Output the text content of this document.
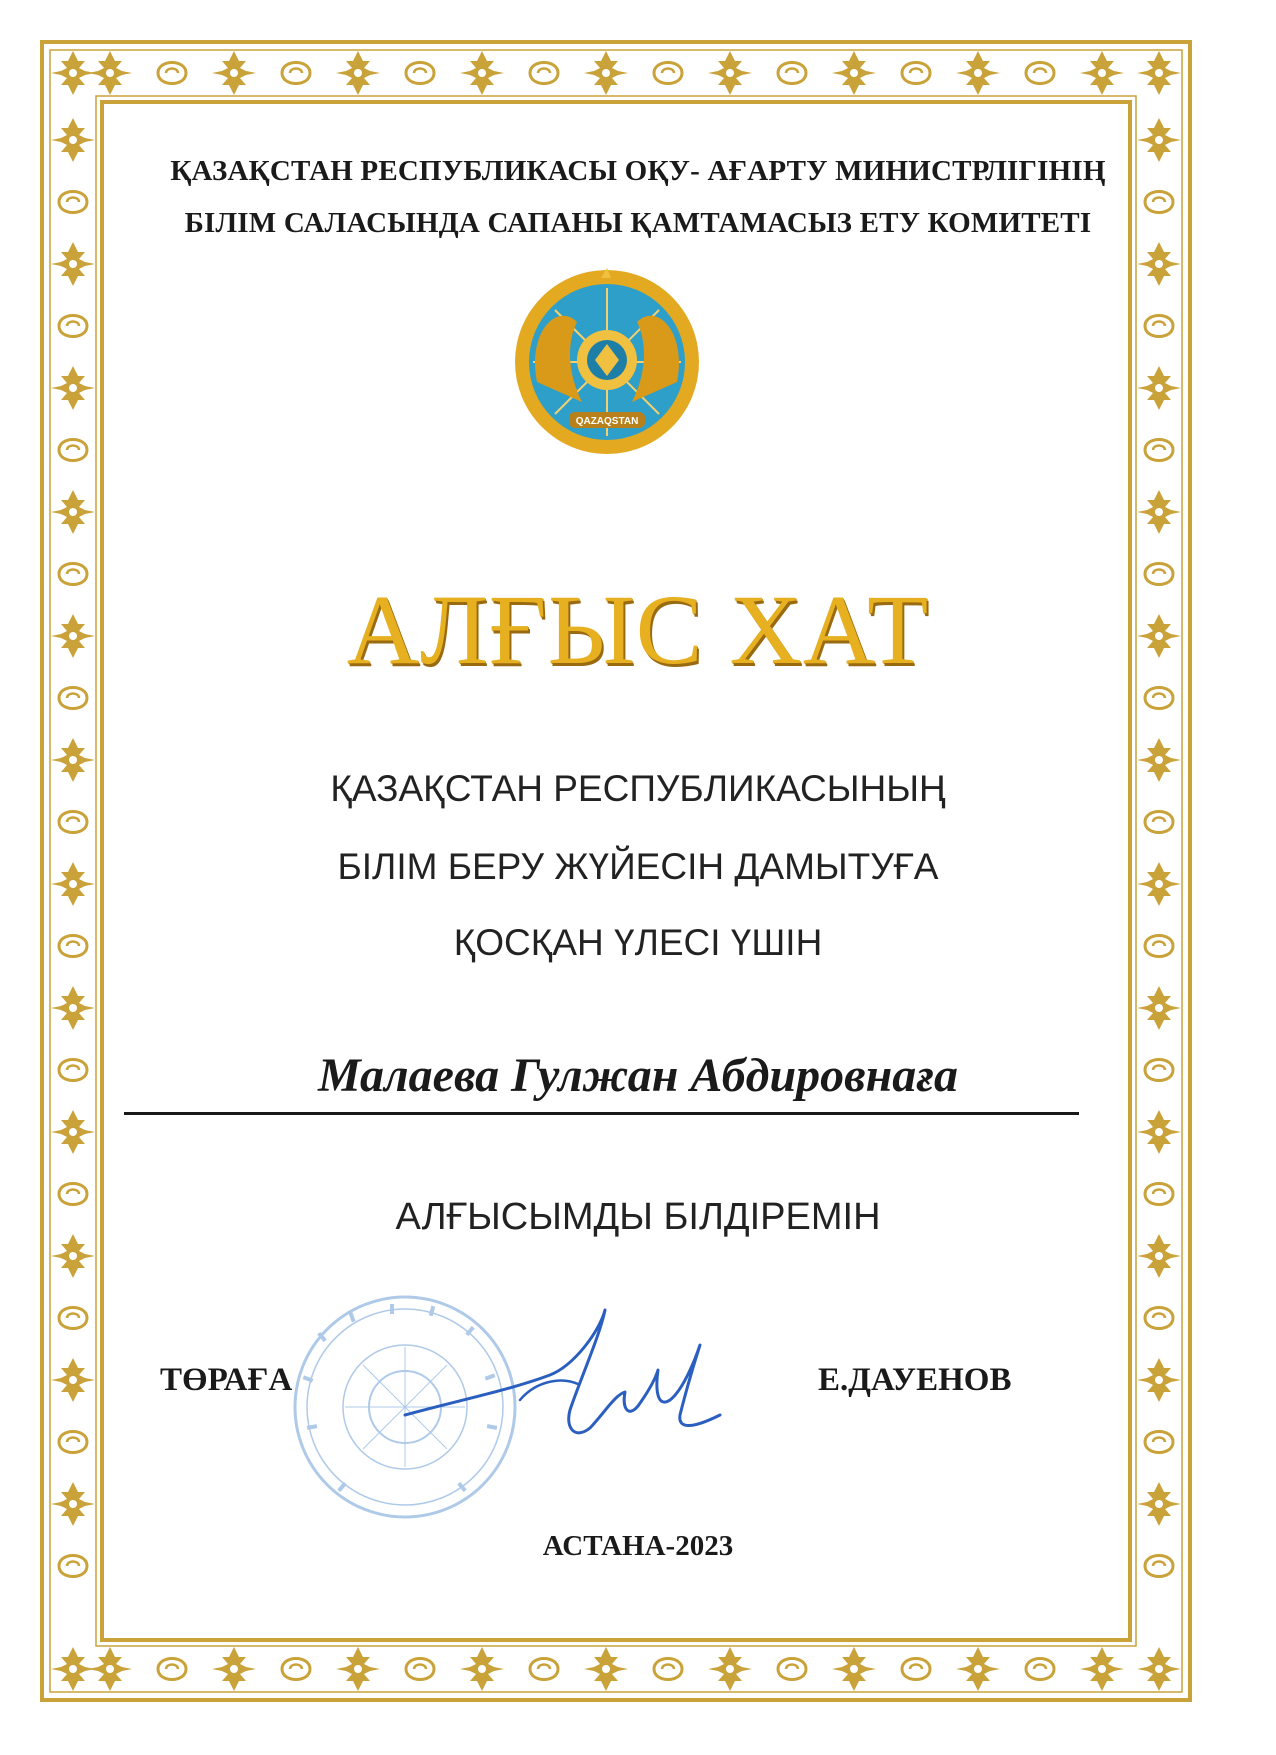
ҚАЗАҚСТАН РЕСПУБЛИКАСЫ ОҚУ- АҒАРТУ МИНИСТРЛІГІНІҢ
БІЛІМ САЛАСЫНДА САПАНЫ ҚАМТАМАСЫЗ ЕТУ КОМИТЕТІ
QAZAQSTAN
АЛҒЫС ХАТ
ҚАЗАҚСТАН РЕСПУБЛИКАСЫНЫҢ
БІЛІМ БЕРУ ЖҮЙЕСІН ДАМЫТУҒА
ҚОСҚАН ҮЛЕСІ ҮШІН
Малаева Гулжан Абдировнаға
АЛҒЫСЫМДЫ БІЛДІРЕМІН
ТӨРАҒА	Е.ДАУЕНОВ
АСТАНА-2023
